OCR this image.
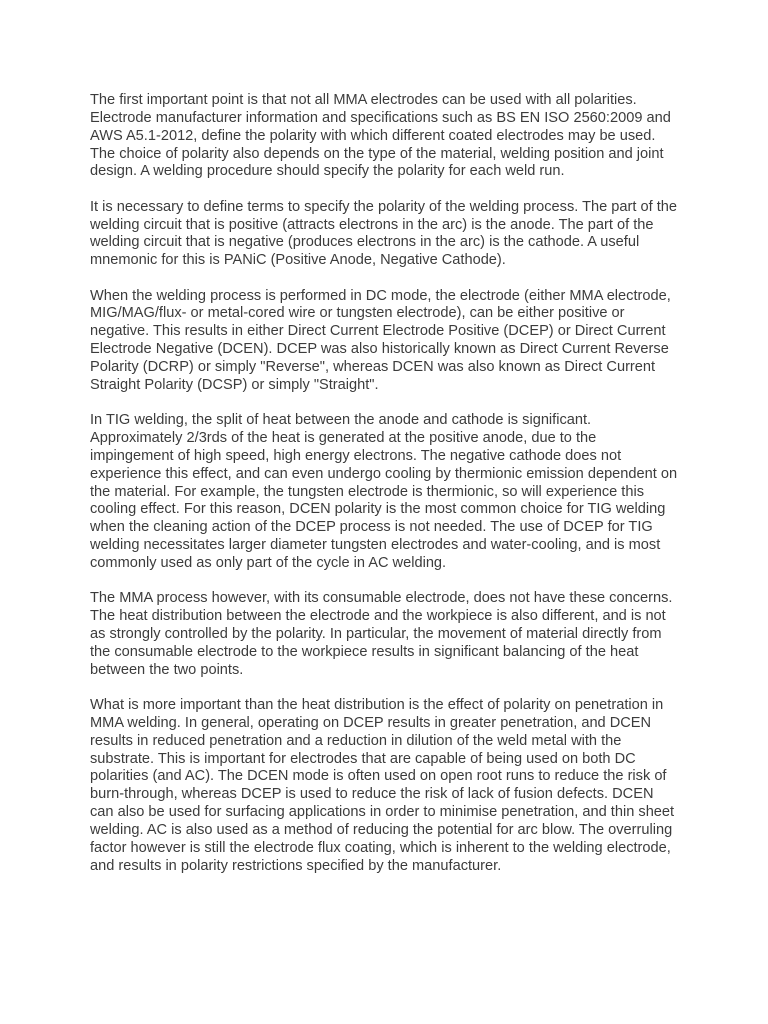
The first important point is that not all MMA electrodes can be used with all polarities. Electrode manufacturer information and specifications such as BS EN ISO 2560:2009 and AWS A5.1-2012, define the polarity with which different coated electrodes may be used. The choice of polarity also depends on the type of the material, welding position and joint design. A welding procedure should specify the polarity for each weld run.

It is necessary to define terms to specify the polarity of the welding process. The part of the welding circuit that is positive (attracts electrons in the arc) is the anode. The part of the welding circuit that is negative (produces electrons in the arc) is the cathode. A useful mnemonic for this is PANiC (Positive Anode, Negative Cathode).

When the welding process is performed in DC mode, the electrode (either MMA electrode, MIG/MAG/flux- or metal-cored wire or tungsten electrode), can be either positive or negative. This results in either Direct Current Electrode Positive (DCEP) or Direct Current Electrode Negative (DCEN). DCEP was also historically known as Direct Current Reverse Polarity (DCRP) or simply "Reverse", whereas DCEN was also known as Direct Current Straight Polarity (DCSP) or simply "Straight".

In TIG welding, the split of heat between the anode and cathode is significant. Approximately 2/3rds of the heat is generated at the positive anode, due to the impingement of high speed, high energy electrons. The negative cathode does not experience this effect, and can even undergo cooling by thermionic emission dependent on the material. For example, the tungsten electrode is thermionic, so will experience this cooling effect. For this reason, DCEN polarity is the most common choice for TIG welding when the cleaning action of the DCEP process is not needed. The use of DCEP for TIG welding necessitates larger diameter tungsten electrodes and water-cooling, and is most commonly used as only part of the cycle in AC welding.

The MMA process however, with its consumable electrode, does not have these concerns. The heat distribution between the electrode and the workpiece is also different, and is not as strongly controlled by the polarity. In particular, the movement of material directly from the consumable electrode to the workpiece results in significant balancing of the heat between the two points.

What is more important than the heat distribution is the effect of polarity on penetration in MMA welding. In general, operating on DCEP results in greater penetration, and DCEN results in reduced penetration and a reduction in dilution of the weld metal with the substrate. This is important for electrodes that are capable of being used on both DC polarities (and AC). The DCEN mode is often used on open root runs to reduce the risk of burn-through, whereas DCEP is used to reduce the risk of lack of fusion defects. DCEN can also be used for surfacing applications in order to minimise penetration, and thin sheet welding. AC is also used as a method of reducing the potential for arc blow. The overruling factor however is still the electrode flux coating, which is inherent to the welding electrode, and results in polarity restrictions specified by the manufacturer.
